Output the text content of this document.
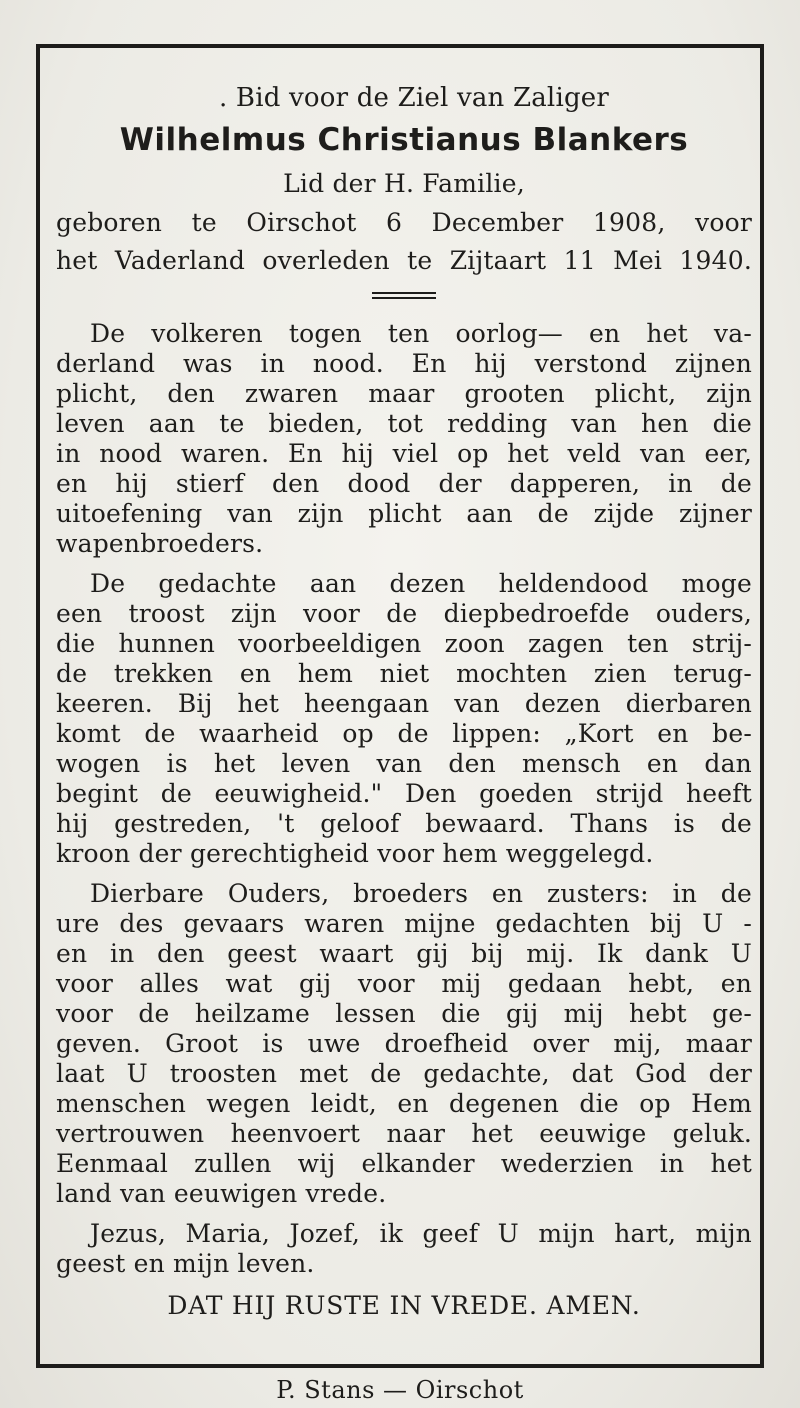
. Bid voor de Ziel van Zaliger
Wilhelmus Christianus Blankers
Lid der H. Familie,
geboren te Oirschot 6 December 1908, voor
het Vaderland overleden te Zijtaart 11 Mei 1940.
De volkeren togen ten oorlog— en het va-
derland was in nood. En hij verstond zijnen
plicht, den zwaren maar grooten plicht, zijn
leven aan te bieden, tot redding van hen die
in nood waren. En hij viel op het veld van eer,
en hij stierf den dood der dapperen, in de
uitoefening van zijn plicht aan de zijde zijner
wapenbroeders.
De gedachte aan dezen heldendood moge
een troost zijn voor de diepbedroefde ouders,
die hunnen voorbeeldigen zoon zagen ten strij-
de trekken en hem niet mochten zien terug-
keeren. Bij het heengaan van dezen dierbaren
komt de waarheid op de lippen: „Kort en be-
wogen is het leven van den mensch en dan
begint de eeuwigheid." Den goeden strijd heeft
hij gestreden, 't geloof bewaard. Thans is de
kroon der gerechtigheid voor hem weggelegd.
Dierbare Ouders, broeders en zusters: in de
ure des gevaars waren mijne gedachten bij U -
en in den geest waart gij bij mij. Ik dank U
voor alles wat gij voor mij gedaan hebt, en
voor de heilzame lessen die gij mij hebt ge-
geven. Groot is uwe droefheid over mij, maar
laat U troosten met de gedachte, dat God der
menschen wegen leidt, en degenen die op Hem
vertrouwen heenvoert naar het eeuwige geluk.
Eenmaal zullen wij elkander wederzien in het
land van eeuwigen vrede.
Jezus, Maria, Jozef, ik geef U mijn hart, mijn
geest en mijn leven.
DAT HIJ RUSTE IN VREDE. AMEN.
P. Stans — Oirschot
